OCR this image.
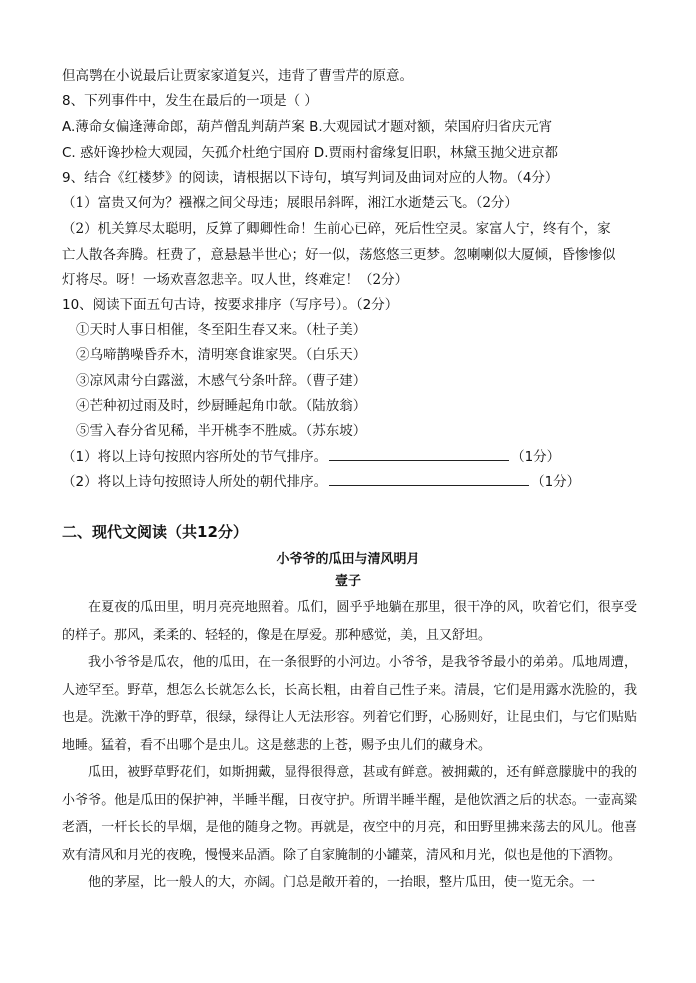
但高鹗在小说最后让贾家家道复兴，违背了曹雪芹的原意。
8、下列事件中，发生在最后的一项是（ ）
A.薄命女偏逢薄命郎，葫芦僧乱判葫芦案 B.大观园试才题对额，荣国府归省庆元宵
C. 惑奸谗抄检大观园，矢孤介杜绝宁国府 D.贾雨村畲缘复旧职，林黛玉抛父进京都
9、结合《红楼梦》的阅读，请根据以下诗句，填写判词及曲词对应的人物。（4分）
（1）富贵又何为？襁褓之间父母违；展眼吊斜晖，湘江水逝楚云飞。（2分）
（2）机关算尽太聪明，反算了卿卿性命！生前心已碎，死后性空灵。家富人宁，终有个，家
亡人散各奔腾。枉费了，意悬悬半世心；好一似，荡悠悠三更梦。忽喇喇似大厦倾，昏惨惨似
灯将尽。呀！一场欢喜忽悲辛。叹人世，终难定！（2分）
10、阅读下面五句古诗，按要求排序（写序号）。（2分）
①天时人事日相催，冬至阳生春又来。（杜子美）
②乌啼鹊噪昏乔木，清明寒食谁家哭。（白乐天）
③凉风肃兮白露滋，木感气兮条叶辞。（曹子建）
④芒种初过雨及时，纱厨睡起角巾欹。（陆放翁）
⑤雪入春分省见稀，半开桃李不胜威。（苏东坡）
（1）将以上诗句按照内容所处的节气排序。	（1分）
（2）将以上诗句按照诗人所处的朝代排序。	（1分）
二、现代文阅读（共12分）
小爷爷的瓜田与清风明月
壹子

在夏夜的瓜田里，明月亮亮地照着。瓜们，圆乎乎地躺在那里，很干净的风，吹着它们，很享受的样子。那风，柔柔的、轻轻的，像是在厚爱。那种感觉，美，且又舒坦。

我小爷爷是瓜农，他的瓜田，在一条很野的小河边。小爷爷，是我爷爷最小的弟弟。瓜地周遭，人迹罕至。野草，想怎么长就怎么长，长高长粗，由着自己性子来。清晨，它们是用露水洗脸的，我也是。洗漱干净的野草，很绿，绿得让人无法形容。列着它们野，心肠则好，让昆虫们，与它们贴贴地睡。猛着，看不出哪个是虫儿。这是慈悲的上苍，赐予虫儿们的藏身术。

瓜田，被野草野花们，如斯拥戴，显得很得意，甚或有鲜意。被拥戴的，还有鲜意朦胧中的我的小爷爷。他是瓜田的保护神，半睡半醒，日夜守护。所谓半睡半醒，是他饮酒之后的状态。一壶高粱老酒，一杆长长的旱烟，是他的随身之物。再就是，夜空中的月亮，和田野里拂来荡去的风儿。他喜欢有清风和月光的夜晚，慢慢来品酒。除了自家腌制的小罐菜，清风和月光，似也是他的下酒物。

他的茅屋，比一般人的大，亦阔。门总是敞开着的，一抬眼，整片瓜田，使一览无余。一
